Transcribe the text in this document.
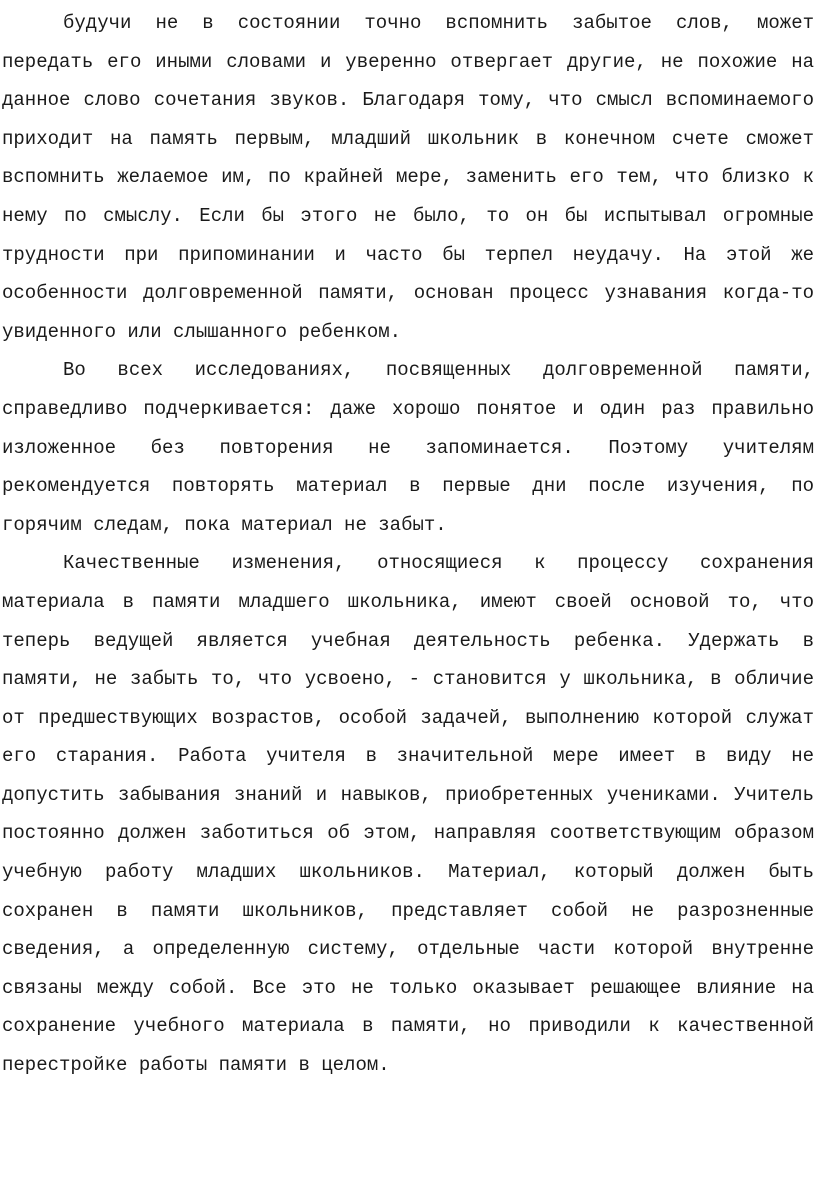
будучи не в состоянии точно вспомнить забытое слов, может передать его иными словами и уверенно отвергает другие, не похожие на данное слово сочетания звуков. Благодаря тому, что смысл вспоминаемого приходит на память первым, младший школьник в конечном счете сможет вспомнить желаемое им, по крайней мере, заменить его тем, что близко к нему по смыслу. Если бы этого не было, то он бы испытывал огромные трудности при припоминании и часто бы терпел неудачу. На этой же особенности долговременной памяти, основан процесс узнавания когда-то увиденного или слышанного ребенком.

Во всех исследованиях, посвященных долговременной памяти, справедливо подчеркивается: даже хорошо понятое и один раз правильно изложенное без повторения не запоминается. Поэтому учителям рекомендуется повторять материал в первые дни после изучения, по горячим следам, пока материал не забыт.

Качественные изменения, относящиеся к процессу сохранения материала в памяти младшего школьника, имеют своей основой то, что теперь ведущей является учебная деятельность ребенка. Удержать в памяти, не забыть то, что усвоено, - становится у школьника, в обличие от предшествующих возрастов, особой задачей, выполнению которой служат его старания. Работа учителя в значительной мере имеет в виду не допустить забывания знаний и навыков, приобретенных учениками. Учитель постоянно должен заботиться об этом, направляя соответствующим образом учебную работу младших школьников. Материал, который должен быть сохранен в памяти школьников, представляет собой не разрозненные сведения, а определенную систему, отдельные части которой внутренне связаны между собой. Все это не только оказывает решающее влияние на сохранение учебного материала в памяти, но приводили к качественной перестройке работы памяти в целом.
